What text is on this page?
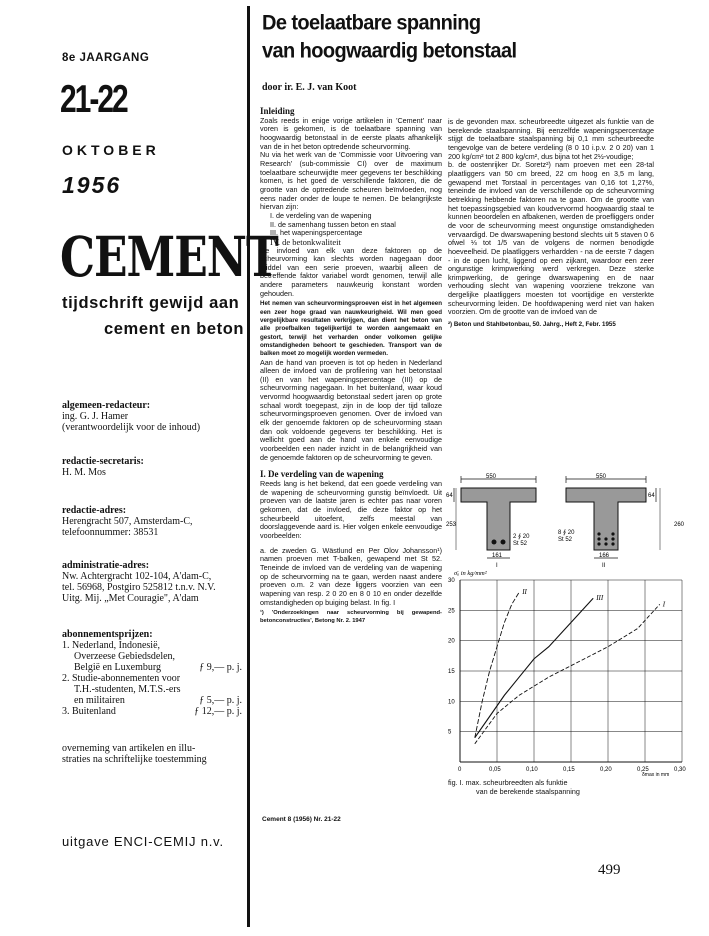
8e JAARGANG
21-22
OKTOBER
1956
CEMENT
tijdschrift gewijd aan
cement en beton
algemeen-redacteur:
ing. G. J. Hamer
(verantwoordelijk voor de inhoud)
redactie-secretaris:
H. M. Mos
redactie-adres:
Herengracht 507, Amsterdam-C,
telefoonnummer: 38531
administratie-adres:
Nw. Achtergracht 102-104, A'dam-C,
tel. 56968, Postgiro 525812 t.n.v. N.V.
Uitg. Mij. „Met Couragie", A'dam
abonnementsprijzen:
1. Nederland, Indonesië,
Overzeese Gebiedsdelen,
België en Luxemburg	ƒ 9,— p. j.
2. Studie-abonnementen voor
T.H.-studenten, M.T.S.-ers
en militairen	ƒ 5,— p. j.
3. Buitenland	ƒ 12,— p. j.
overneming van artikelen en illu-
straties na schriftelijke toestemming
uitgave ENCI-CEMIJ n.v.
De toelaatbare spanning
van hoogwaardig betonstaal
door ir. E. J. van Koot
Inleiding

Zoals reeds in enige vorige artikelen in 'Cement' naar voren is gekomen, is de toelaatbare spanning van hoogwaardig betonstaal in de eerste plaats afhankelijk van de in het beton optredende scheurvorming.

Nu via het werk van de 'Commissie voor Uitvoering van Research' (sub-commissie CI) over de maximum toelaatbare scheurwijdte meer gegevens ter beschikking komen, is het goed de verschillende faktoren, die de grootte van de optredende scheuren beïnvloeden, nog eens nader onder de loupe te nemen. De belangrijkste hiervan zijn:

I. de verdeling van de wapening

II. de samenhang tussen beton en staal

III. het wapeningspercentage

IV. de betonkwaliteit

De invloed van elk van deze faktoren op de scheurvorming kan slechts worden nagegaan door middel van een serie proeven, waarbij alleen de betreffende faktor variabel wordt genomen, terwijl alle andere parameters nauwkeurig konstant worden gehouden.

Het nemen van scheurvormingsproeven eist in het algemeen een zeer hoge graad van nauwkeurigheid. Wil men goed vergelijkbare resultaten verkrijgen, dan dient het beton van alle proefbalken tegelijkertijd te worden aangemaakt en gestort, terwijl het verharden onder volkomen gelijke omstandigheden behoort te geschieden. Transport van de balken moet zo mogelijk worden vermeden.

Aan de hand van proeven is tot op heden in Nederland alleen de invloed van de profilering van het betonstaal (II) en van het wapeningspercentage (III) op de scheurvorming nagegaan. In het buitenland, waar koud vervormd hoogwaardig betonstaal sedert jaren op grote schaal wordt toegepast, zijn in de loop der tijd talloze scheurvormingsproeven genomen. Over de invloed van elk der genoemde faktoren op de scheurvorming staan dan ook voldoende gegevens ter beschikking. Het is wellicht goed aan de hand van enkele eenvoudige voorbeelden een nader inzicht in de belangrijkheid van de genoemde faktoren op de scheurvorming te geven.

I. De verdeling van de wapening

Reeds lang is het bekend, dat een goede verdeling van de wapening de scheurvorming gunstig beïnvloedt. Uit proeven van de laatste jaren is echter pas naar voren gekomen, dat de invloed, die deze faktor op het scheurbeeld uitoefent, zelfs meestal van doorslaggevende aard is. Hier volgen enkele eenvoudige voorbeelden:

a. de zweden G. Wästlund en Per Olov Johansson¹) namen proeven met T-balken, gewapend met St 52. Teneinde de invloed van de verdeling van de wapening op de scheurvorming na te gaan, werden naast andere proeven o.m. 2 van deze liggers voorzien van een wapening van resp. 2 0 20 en 8 0 10 en onder dezelfde omstandigheden op buiging belast. In fig. I

¹) 'Onderzoekingen naar scheurvorming bij gewapend-betonconstructies', Betong Nr. 2. 1947

is de gevonden max. scheurbreedte uitgezet als funktie van de berekende staalspanning. Bij eenzelfde wapeningspercentage stijgt de toelaatbare staalspanning bij 0,1 mm scheurbreedte tengevolge van de betere verdeling (8 0 10 i.p.v. 2 0 20) van 1 200 kg/cm² tot 2 800 kg/cm², dus bijna tot het 2½-voudige;

b. de oostenrijker Dr. Soretz²) nam proeven met een 28-tal plaatliggers van 50 cm breed, 22 cm hoog en 3,5 m lang, gewapend met Torstaal in percentages van 0,16 tot 1,27%, teneinde de invloed van de verschillende op de scheurvorming betrekking hebbende faktoren na te gaan. Om de grootte van het toepassingsgebied van koudvervormd hoogwaardig staal te kunnen beoordelen en afbakenen, werden de proefliggers onder de voor de scheurvorming meest ongunstige omstandigheden vervaardigd. De dwarswapening bestond slechts uit 5 staven 0 6 ofwel ⅓ tot 1/5 van de volgens de normen benodigde hoeveelheid. De plaatliggers verhardden - na de eerste 7 dagen - in de open lucht, liggend op een zijkant, waardoor een zeer ongunstige krimpwerking werd verkregen. Deze sterke krimpwerking, de geringe dwarswapening en de naar verhouding slecht van wapening voorziene trekzone van dergelijke plaatliggers moesten tot voortijdige en versterkte scheurvorming leiden. De hoofdwapening werd niet van haken voorzien. Om de grootte van de invloed van de

²) Beton und Stahlbetonbau, 50. Jahrg., Heft 2, Febr. 1955

550	550
64	64
253	260
2 ∮ 20
St 52
8 ∮ 20
St 52
161	166
I	II
0	0,05	0,10	0,15	0,20	0,25	0,30
5
10
15
20
25
30
σ̄ₐ in kg/mm²
δmax in mm
I
II
III
fig. I. max. scheurbreedten als funktie
van de berekende staalspanning
Cement 8 (1956) Nr. 21-22
499
